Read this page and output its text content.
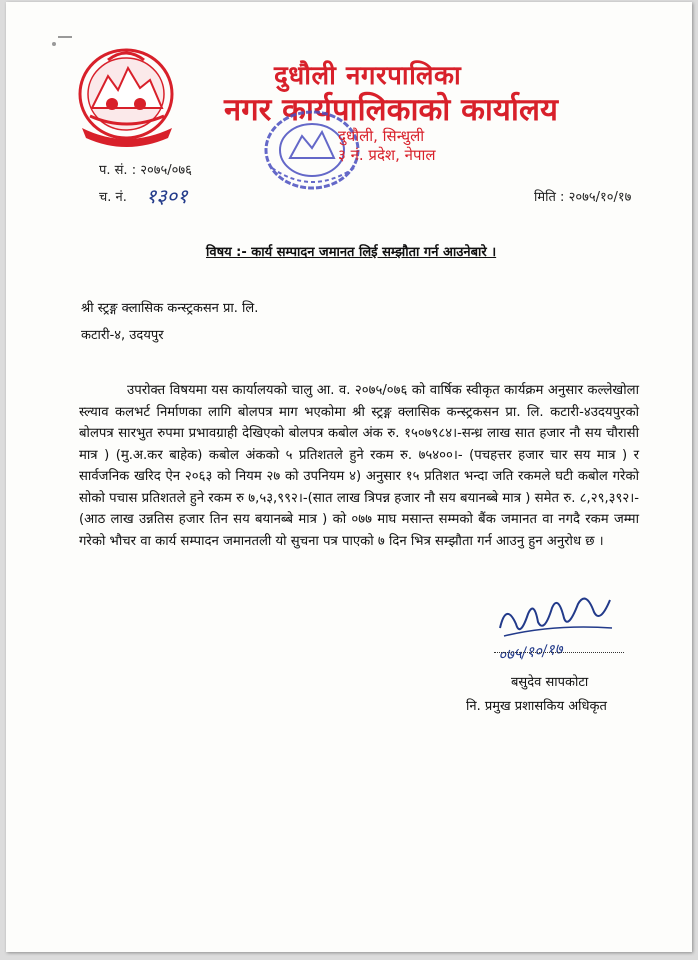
दुधौली नगरपालिका
नगर कार्यपालिकाको कार्यालय
दुधौली, सिन्धुली
३ नं. प्रदेश, नेपाल
प. सं. : २०७५/०७६
च. नं. १३०१	मिति : २०७५/१०/१७
विषय :- कार्य सम्पादन जमानत लिई सम्झौता गर्न आउनेबारे ।
श्री स्ट्रङ्ग क्लासिक कन्स्ट्रकसन प्रा. लि.
कटारी-४, उदयपुर
उपरोक्त विषयमा यस कार्यालयको चालु आ. व. २०७५/०७६ को वार्षिक स्वीकृत कार्यक्रम अनुसार कल्लेखोला स्ल्याव कलभर्ट निर्माणका लागि बोलपत्र माग भएकोमा श्री स्ट्रङ्ग क्लासिक कन्स्ट्रकसन प्रा. लि. कटारी-४उदयपुरको बोलपत्र सारभुत रुपमा प्रभावग्राही देखिएको बोलपत्र कबोल अंक रु. १५०७९८४।-सन्ध्र लाख सात हजार नौ सय चौरासी मात्र ) (मु.अ.कर बाहेक) कबोल अंकको ५ प्रतिशतले हुने रकम रु. ७५४००।- (पचहत्तर हजार चार सय मात्र ) र सार्वजनिक खरिद ऐन २०६३ को नियम २७ को उपनियम ४) अनुसार १५ प्रतिशत भन्दा जति रकमले घटी कबोल गरेको सोको पचास प्रतिशतले हुने रकम रु ७,५३,९९२।-(सात लाख त्रिपन्न हजार नौ सय बयानब्बे मात्र ) समेत रु. ८,२९,३९२।- (आठ लाख उन्नतिस हजार तिन सय बयानब्बे मात्र ) को ०७७ माघ मसान्त सम्मको बैंक जमानत वा नगदै रकम जम्मा गरेको भौचर वा कार्य सम्पादन जमानतली यो सुचना पत्र पाएको ७ दिन भित्र सम्झौता गर्न आउनु हुन अनुरोध छ ।
०७५/१०/१७
बसुदेव सापकोटा
नि. प्रमुख प्रशासकिय अधिकृत
